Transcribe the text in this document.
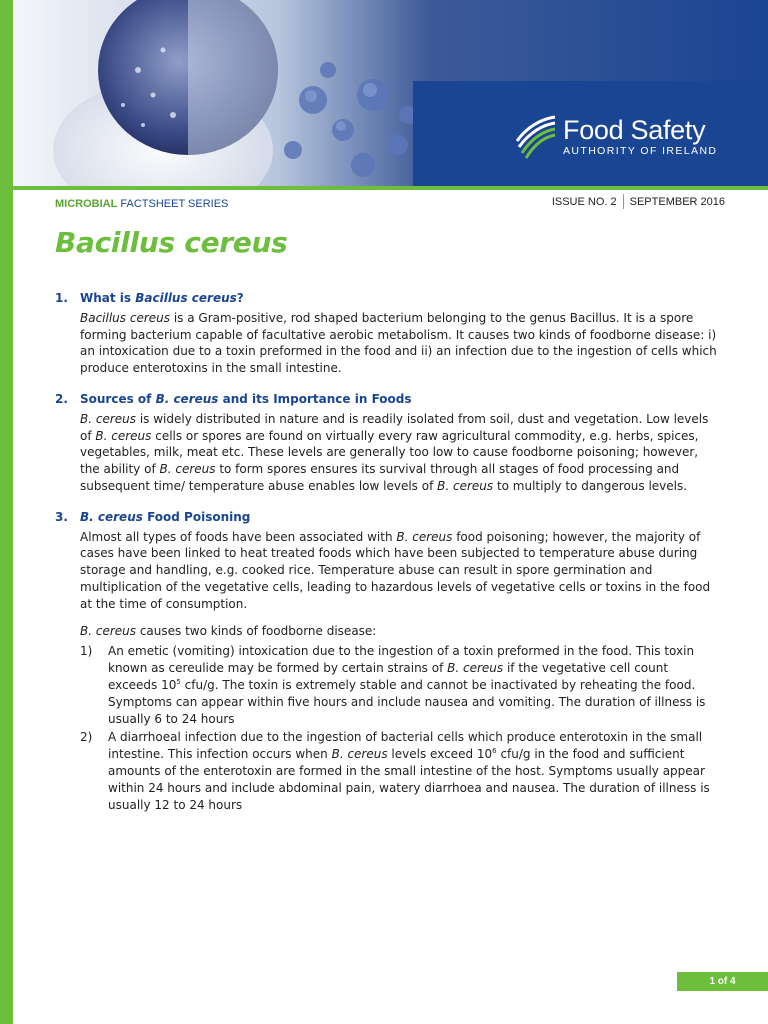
Food Safety
AUTHORITY OF IRELAND
MICROBIAL FACTSHEET SERIES	ISSUE NO. 2 SEPTEMBER 2016
Bacillus cereus
1.	What is Bacillus cereus?

Bacillus cereus is a Gram-positive, rod shaped bacterium belonging to the genus Bacillus. It is a spore forming bacterium capable of facultative aerobic metabolism. It causes two kinds of foodborne disease: i) an intoxication due to a toxin preformed in the food and ii) an infection due to the ingestion of cells which produce enterotoxins in the small intestine.

2.	Sources of B. cereus and its Importance in Foods

B. cereus is widely distributed in nature and is readily isolated from soil, dust and vegetation. Low levels of B. cereus cells or spores are found on virtually every raw agricultural commodity, e.g. herbs, spices, vegetables, milk, meat etc. These levels are generally too low to cause foodborne poisoning; however, the ability of B. cereus to form spores ensures its survival through all stages of food processing and subsequent time/ temperature abuse enables low levels of B. cereus to multiply to dangerous levels.

3.	B. cereus Food Poisoning

Almost all types of foods have been associated with B. cereus food poisoning; however, the majority of cases have been linked to heat treated foods which have been subjected to temperature abuse during storage and handling, e.g. cooked rice. Temperature abuse can result in spore germination and multiplication of the vegetative cells, leading to hazardous levels of vegetative cells or toxins in the food at the time of consumption.

B. cereus causes two kinds of foodborne disease:

1)	An emetic (vomiting) intoxication due to the ingestion of a toxin preformed in the food. This toxin known as cereulide may be formed by certain strains of B. cereus if the vegetative cell count exceeds $10^5$ cfu/g. The toxin is extremely stable and cannot be inactivated by reheating the food. Symptoms can appear within five hours and include nausea and vomiting. The duration of illness is usually 6 to 24 hours
2)	A diarrhoeal infection due to the ingestion of bacterial cells which produce enterotoxin in the small intestine. This infection occurs when B. cereus levels exceed $10^6$ cfu/g in the food and sufficient amounts of the enterotoxin are formed in the small intestine of the host. Symptoms usually appear within 24 hours and include abdominal pain, watery diarrhoea and nausea. The duration of illness is usually 12 to 24 hours
1 of 4
